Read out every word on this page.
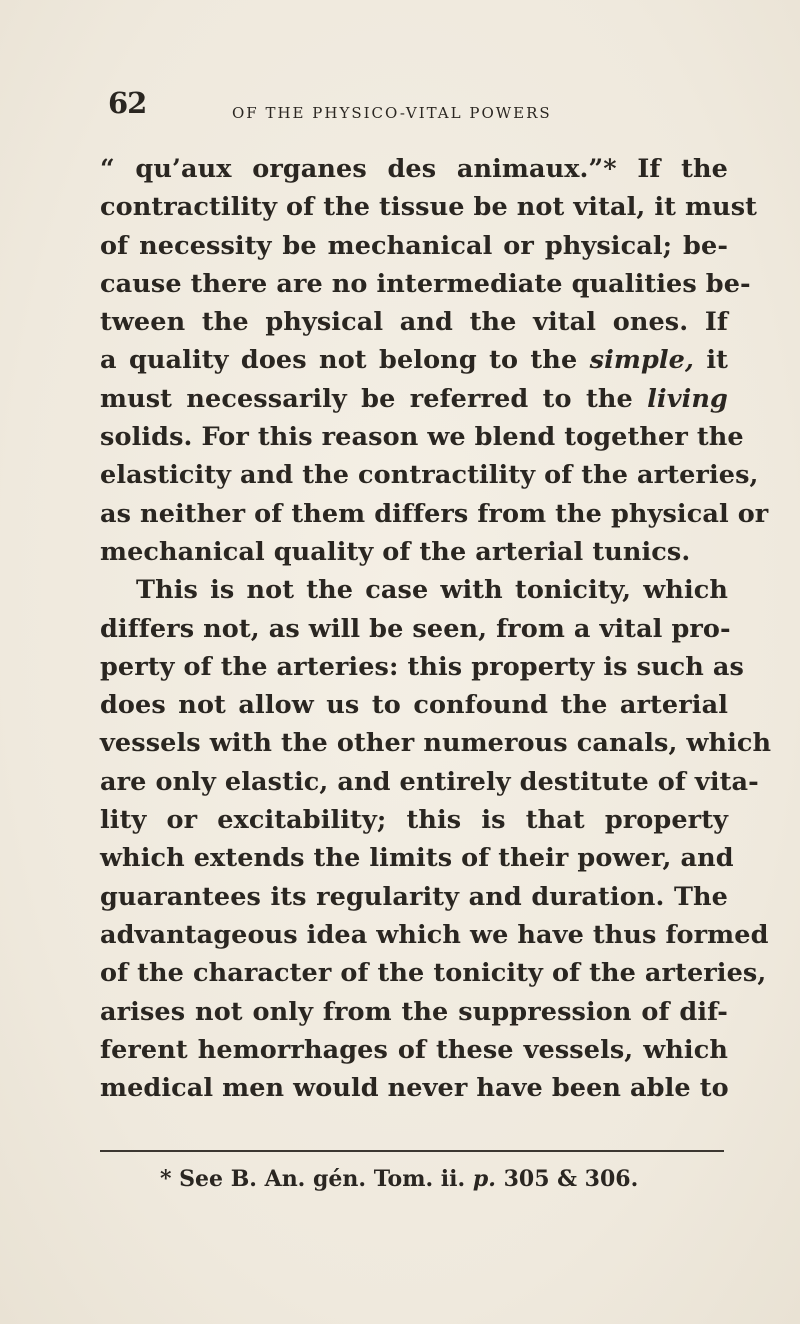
62	OF THE PHYSICO-VITAL POWERS
“ qu’aux organes des animaux.”* If the
contractility of the tissue be not vital, it must
of necessity be mechanical or physical; be-
cause there are no intermediate qualities be-
tween the physical and the vital ones. If
a quality does not belong to the simple, it
must necessarily be referred to the living
solids. For this reason we blend together the
elasticity and the contractility of the arteries,
as neither of them differs from the physical or
mechanical quality of the arterial tunics.
This is not the case with tonicity, which
differs not, as will be seen, from a vital pro-
perty of the arteries: this property is such as
does not allow us to confound the arterial
vessels with the other numerous canals, which
are only elastic, and entirely destitute of vita-
lity or excitability; this is that property
which extends the limits of their power, and
guarantees its regularity and duration. The
advantageous idea which we have thus formed
of the character of the tonicity of the arteries,
arises not only from the suppression of dif-
ferent hemorrhages of these vessels, which
medical men would never have been able to
* See B. An. gén. Tom. ii. p. 305 & 306.
